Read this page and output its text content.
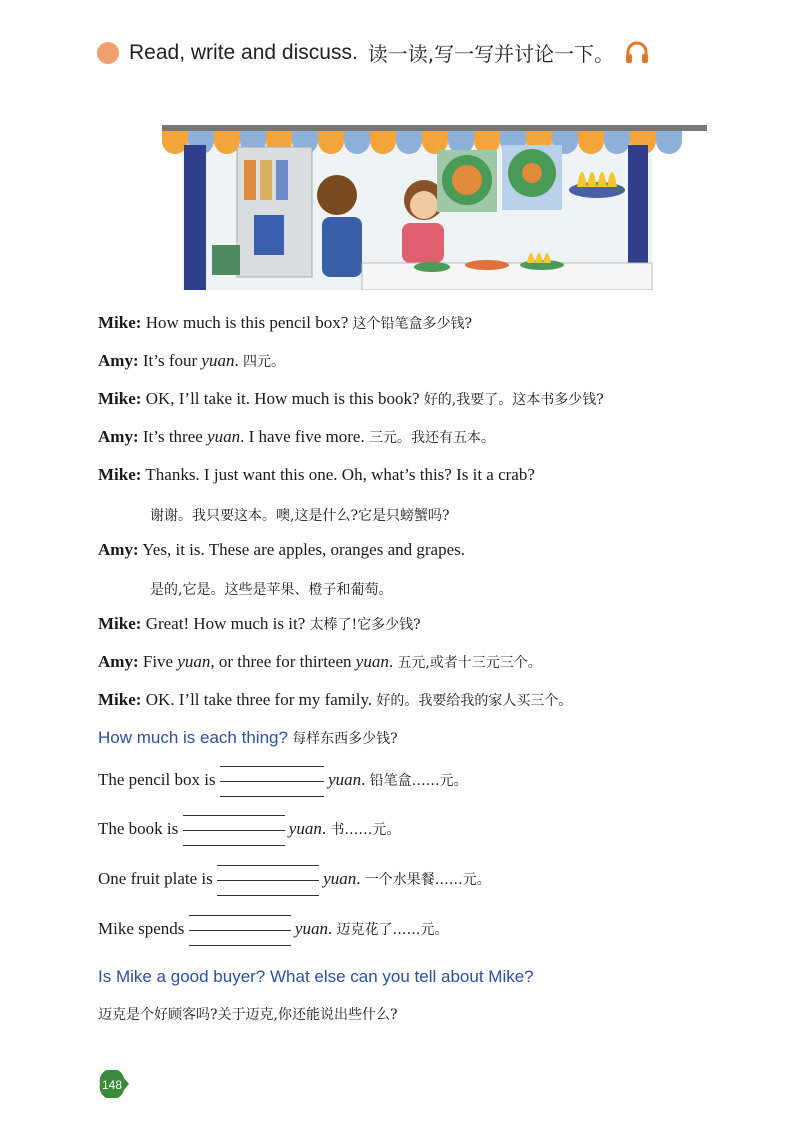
Read, write and discuss. 读一读,写一写并讨论一下。
Mike: How much is this pencil box? 这个铅笔盒多少钱?
Amy: It’s four yuan. 四元。
Mike: OK, I’ll take it. How much is this book? 好的,我要了。这本书多少钱?
Amy: It’s three yuan. I have five more. 三元。我还有五本。
Mike: Thanks. I just want this one. Oh, what’s this? Is it a crab?
谢谢。我只要这本。噢,这是什么?它是只螃蟹吗?
Amy: Yes, it is. These are apples, oranges and grapes.
是的,它是。这些是苹果、橙子和葡萄。
Mike: Great! How much is it? 太棒了!它多少钱?
Amy: Five yuan, or three for thirteen yuan. 五元,或者十三元三个。
Mike: OK. I’ll take three for my family. 好的。我要给我的家人买三个。
How much is each thing? 每样东西多少钱?
The pencil box is	yuan. 铅笔盒……元。
The book is	yuan. 书……元。
One fruit plate is	yuan. 一个水果餐……元。
Mike spends	yuan. 迈克花了……元。
Is Mike a good buyer? What else can you tell about Mike?
迈克是个好顾客吗?关于迈克,你还能说出些什么?
148
